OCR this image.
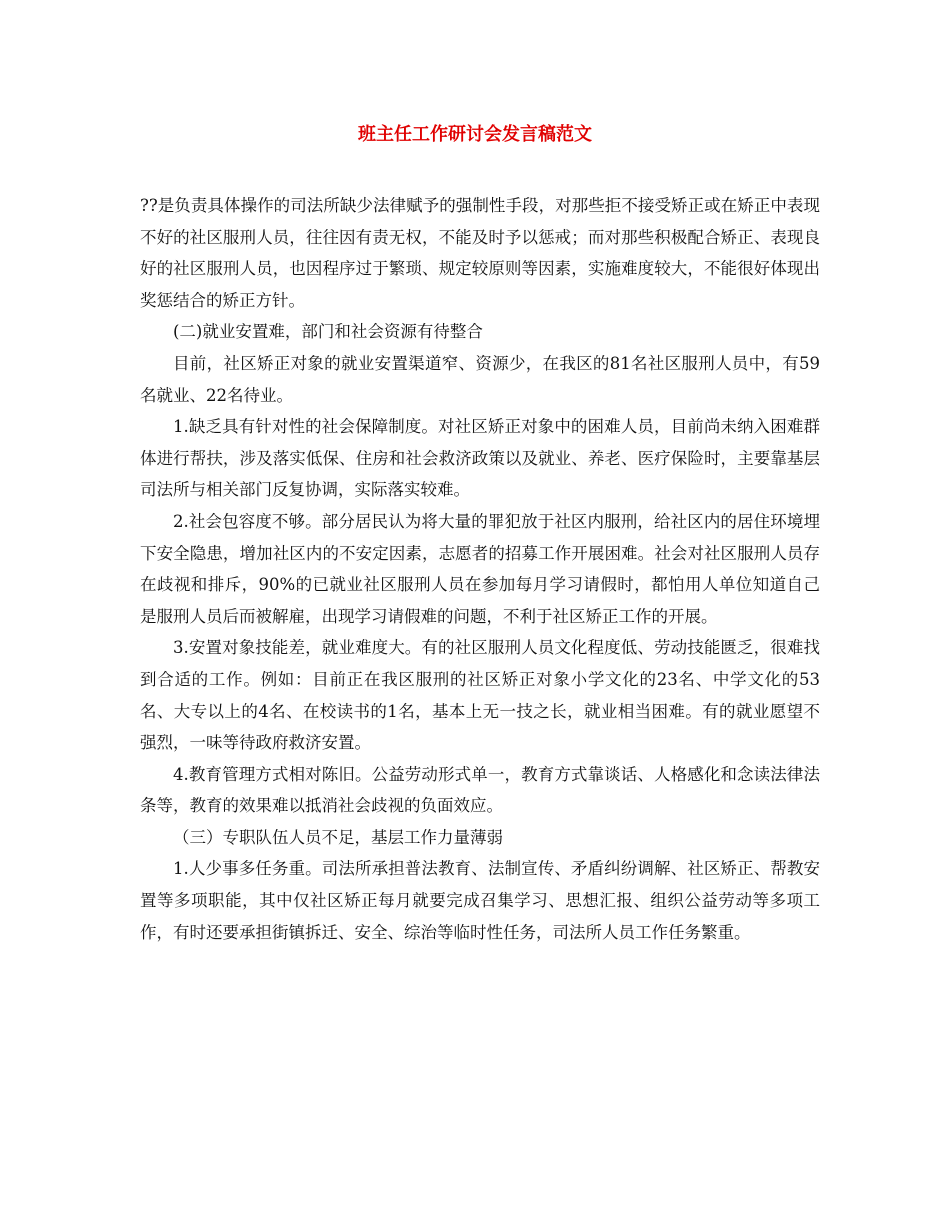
班主任工作研讨会发言稿范文

??是负责具体操作的司法所缺少法律赋予的强制性手段，对那些拒不接受矫正或在矫正中表现不好的社区服刑人员，往往因有责无权，不能及时予以惩戒；而对那些积极配合矫正、表现良好的社区服刑人员，也因程序过于繁琐、规定较原则等因素，实施难度较大，不能很好体现出奖惩结合的矫正方针。

(二)就业安置难，部门和社会资源有待整合

目前，社区矫正对象的就业安置渠道窄、资源少，在我区的81名社区服刑人员中，有59名就业、22名待业。

1.缺乏具有针对性的社会保障制度。对社区矫正对象中的困难人员，目前尚未纳入困难群体进行帮扶，涉及落实低保、住房和社会救济政策以及就业、养老、医疗保险时，主要靠基层司法所与相关部门反复协调，实际落实较难。

2.社会包容度不够。部分居民认为将大量的罪犯放于社区内服刑，给社区内的居住环境埋下安全隐患，增加社区内的不安定因素，志愿者的招募工作开展困难。社会对社区服刑人员存在歧视和排斥，90%的已就业社区服刑人员在参加每月学习请假时，都怕用人单位知道自己是服刑人员后而被解雇，出现学习请假难的问题，不利于社区矫正工作的开展。

3.安置对象技能差，就业难度大。有的社区服刑人员文化程度低、劳动技能匮乏，很难找到合适的工作。例如：目前正在我区服刑的社区矫正对象小学文化的23名、中学文化的53名、大专以上的4名、在校读书的1名，基本上无一技之长，就业相当困难。有的就业愿望不强烈，一味等待政府救济安置。

4.教育管理方式相对陈旧。公益劳动形式单一，教育方式靠谈话、人格感化和念读法律法条等，教育的效果难以抵消社会歧视的负面效应。

（三）专职队伍人员不足，基层工作力量薄弱

1.人少事多任务重。司法所承担普法教育、法制宣传、矛盾纠纷调解、社区矫正、帮教安置等多项职能，其中仅社区矫正每月就要完成召集学习、思想汇报、组织公益劳动等多项工作，有时还要承担街镇拆迁、安全、综治等临时性任务，司法所人员工作任务繁重。
